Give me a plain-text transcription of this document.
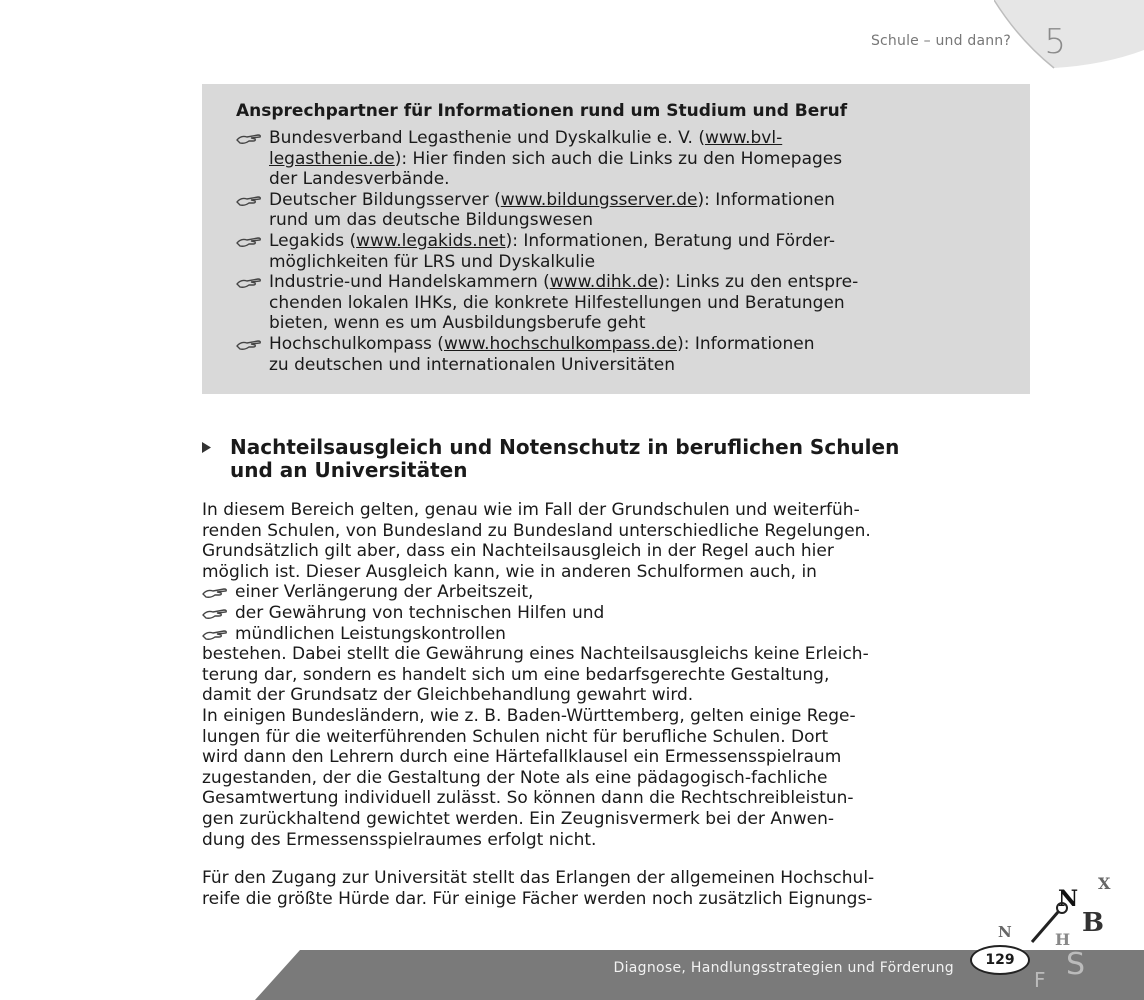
Schule – und dann? 5
Ansprechpartner für Informationen rund um Studium und Beruf
Bundesverband Legasthenie und Dyskalkulie e. V. (www.bvl-
legasthenie.de): Hier finden sich auch die Links zu den Homepages
der Landesverbände.
Deutscher Bildungsserver (www.bildungsserver.de): Informationen
rund um das deutsche Bildungswesen
Legakids (www.legakids.net): Informationen, Beratung und Förder-
möglichkeiten für LRS und Dyskalkulie
Industrie-und Handelskammern (www.dihk.de): Links zu den entspre-
chenden lokalen IHKs, die konkrete Hilfestellungen und Beratungen
bieten, wenn es um Ausbildungsberufe geht
Hochschulkompass (www.hochschulkompass.de): Informationen
zu deutschen und internationalen Universitäten
Nachteilsausgleich und Notenschutz in beruflichen Schulen
und an Universitäten

In diesem Bereich gelten, genau wie im Fall der Grundschulen und weiterfüh-
renden Schulen, von Bundesland zu Bundesland unterschiedliche Regelungen.
Grundsätzlich gilt aber, dass ein Nachteilsausgleich in der Regel auch hier
möglich ist. Dieser Ausgleich kann, wie in anderen Schulformen auch, in

einer Verlängerung der Arbeitszeit,
der Gewährung von technischen Hilfen und
mündlichen Leistungskontrollen

bestehen. Dabei stellt die Gewährung eines Nachteilsausgleichs keine Erleich-
terung dar, sondern es handelt sich um eine bedarfsgerechte Gestaltung,
damit der Grundsatz der Gleichbehandlung gewahrt wird.
In einigen Bundesländern, wie z. B. Baden-Württemberg, gelten einige Rege-
lungen für die weiterführenden Schulen nicht für berufliche Schulen. Dort
wird dann den Lehrern durch eine Härtefallklausel ein Ermessensspielraum
zugestanden, der die Gestaltung der Note als eine pädagogisch-fachliche
Gesamtwertung individuell zulässt. So können dann die Rechtschreibleistun-
gen zurückhaltend gewichtet werden. Ein Zeugnisvermerk bei der Anwen-
dung des Ermessensspielraumes erfolgt nicht.

Für den Zugang zur Universität stellt das Erlangen der allgemeinen Hochschul-
reife die größte Hürde dar. Für einige Fächer werden noch zusätzlich Eignungs-

Diagnose, Handlungsstrategien und Förderung
X
N
B
N	H
F S
129
